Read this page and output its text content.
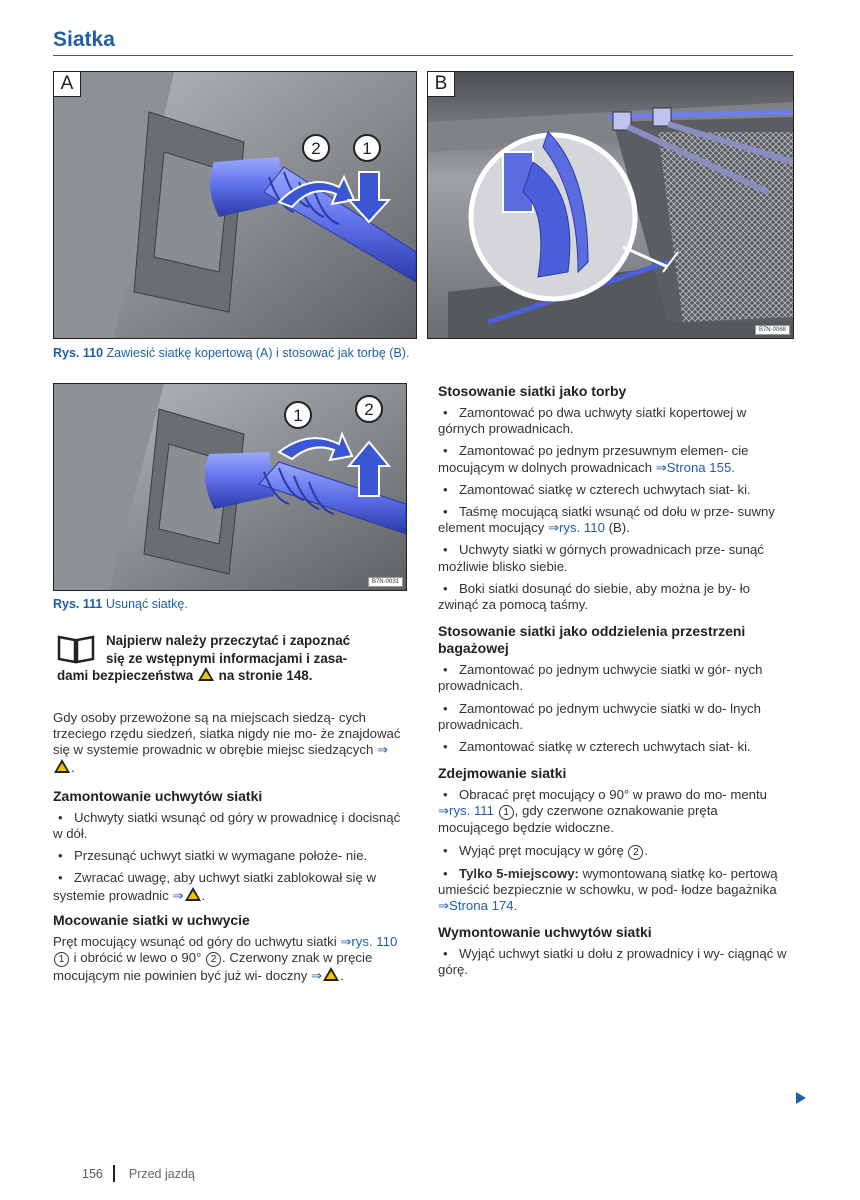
Siatka
2 1
A	B
B7N-0068
Rys. 110 Zawiesić siatkę kopertową (A) i stosować jak torbę (B).
1	2
B7N-0031
Rys. 111 Usunąć siatkę.
Najpierw należy przeczytać i zapoznać
się ze wstępnymi informacjami i zasa-
dami bezpieczeństwa na stronie 148.

Gdy osoby przewożone są na miejscach siedzą- cych trzeciego rzędu siedzeń, siatka nigdy nie mo- że znajdować się w systemie prowadnic w obrębie miejsc siedzących ⇒.

Zamontowanie uchwytów siatki
• Uchwyty siatki wsunąć od góry w prowadnicę i docisnąć w dół.
• Przesunąć uchwyt siatki w wymagane położe- nie.
• Zwracać uwagę, aby uchwyt siatki zablokował się w systemie prowadnic ⇒ .
Mocowanie siatki w uchwycie

Pręt mocujący wsunąć od góry do uchwytu siatki ⇒rys. 110 1 i obrócić w lewo o 90° 2 . Czerwony znak w pręcie mocującym nie powinien być już wi- doczny ⇒ .

Stosowanie siatki jako torby
• Zamontować po dwa uchwyty siatki kopertowej w górnych prowadnicach.
• Zamontować po jednym przesuwnym elemen- cie mocującym w dolnych prowadnicach ⇒Strona 155.
• Zamontować siatkę w czterech uchwytach siat- ki.
• Taśmę mocującą siatki wsunąć od dołu w prze- suwny element mocujący ⇒rys. 110 (B).
• Uchwyty siatki w górnych prowadnicach prze- sunąć możliwie blisko siebie.
• Boki siatki dosunąć do siebie, aby można je by- ło zwinąć za pomocą taśmy.
Stosowanie siatki jako oddzielenia przestrzeni bagażowej
• Zamontować po jednym uchwycie siatki w gór- nych prowadnicach.
• Zamontować po jednym uchwycie siatki w do- lnych prowadnicach.
• Zamontować siatkę w czterech uchwytach siat- ki.
Zdejmowanie siatki
• Obracać pręt mocujący o 90° w prawo do mo- mentu ⇒rys. 111 1 , gdy czerwone oznakowanie pręta mocującego będzie widoczne.
• Wyjąć pręt mocujący w górę 2 .
• Tylko 5-miejscowy: wymontowaną siatkę ko- pertową umieścić bezpiecznie w schowku, w pod- łodze bagażnika ⇒Strona 174.
Wymontowanie uchwytów siatki
• Wyjąć uchwyt siatki u dołu z prowadnicy i wy- ciągnąć w górę.
156 Przed jazdą
